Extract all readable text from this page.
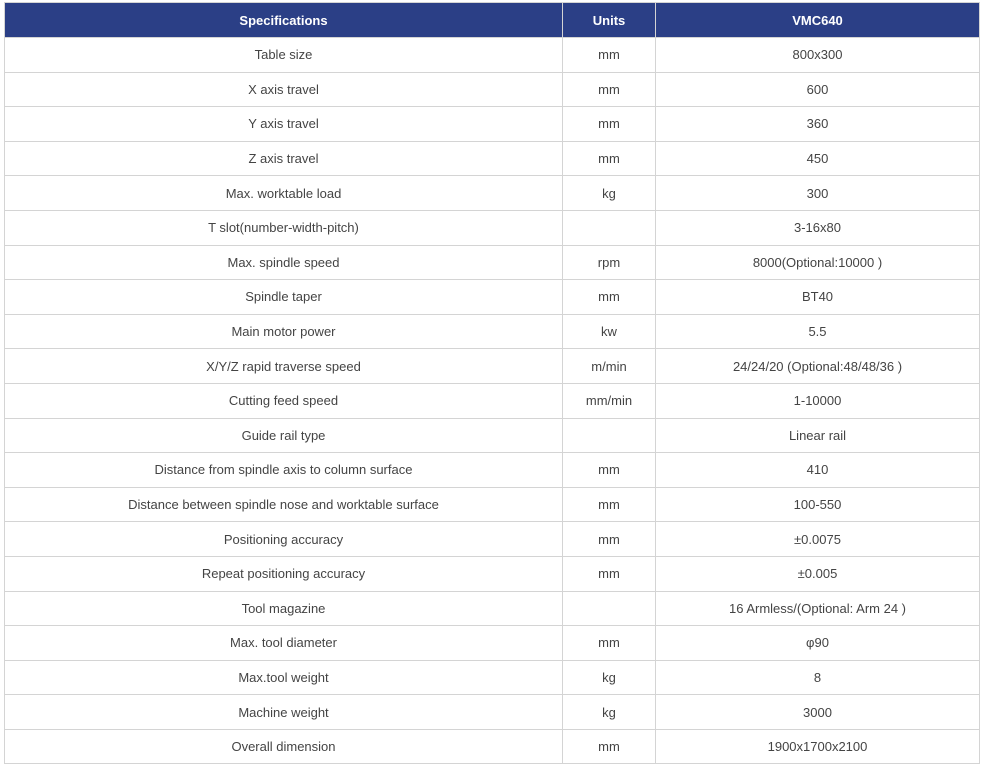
Specifications	Units	VMC640
Table size	mm	800x300
X axis travel	mm	600
Y axis travel	mm	360
Z axis travel	mm	450
Max. worktable load	kg	300
T slot(number-width-pitch)		3-16x80
Max. spindle speed	rpm	8000(Optional:10000 )
Spindle taper	mm	BT40
Main motor power	kw	5.5
X/Y/Z rapid traverse speed	m/min	24/24/20 (Optional:48/48/36 )
Cutting feed speed	mm/min	1-10000
Guide rail type		Linear rail
Distance from spindle axis to column surface	mm	410
Distance between spindle nose and worktable surface	mm	100-550
Positioning accuracy	mm	±0.0075
Repeat positioning accuracy	mm	±0.005
Tool magazine		16 Armless/(Optional: Arm 24 )
Max. tool diameter	mm	φ90
Max.tool weight	kg	8
Machine weight	kg	3000
Overall dimension	mm	1900x1700x2100
